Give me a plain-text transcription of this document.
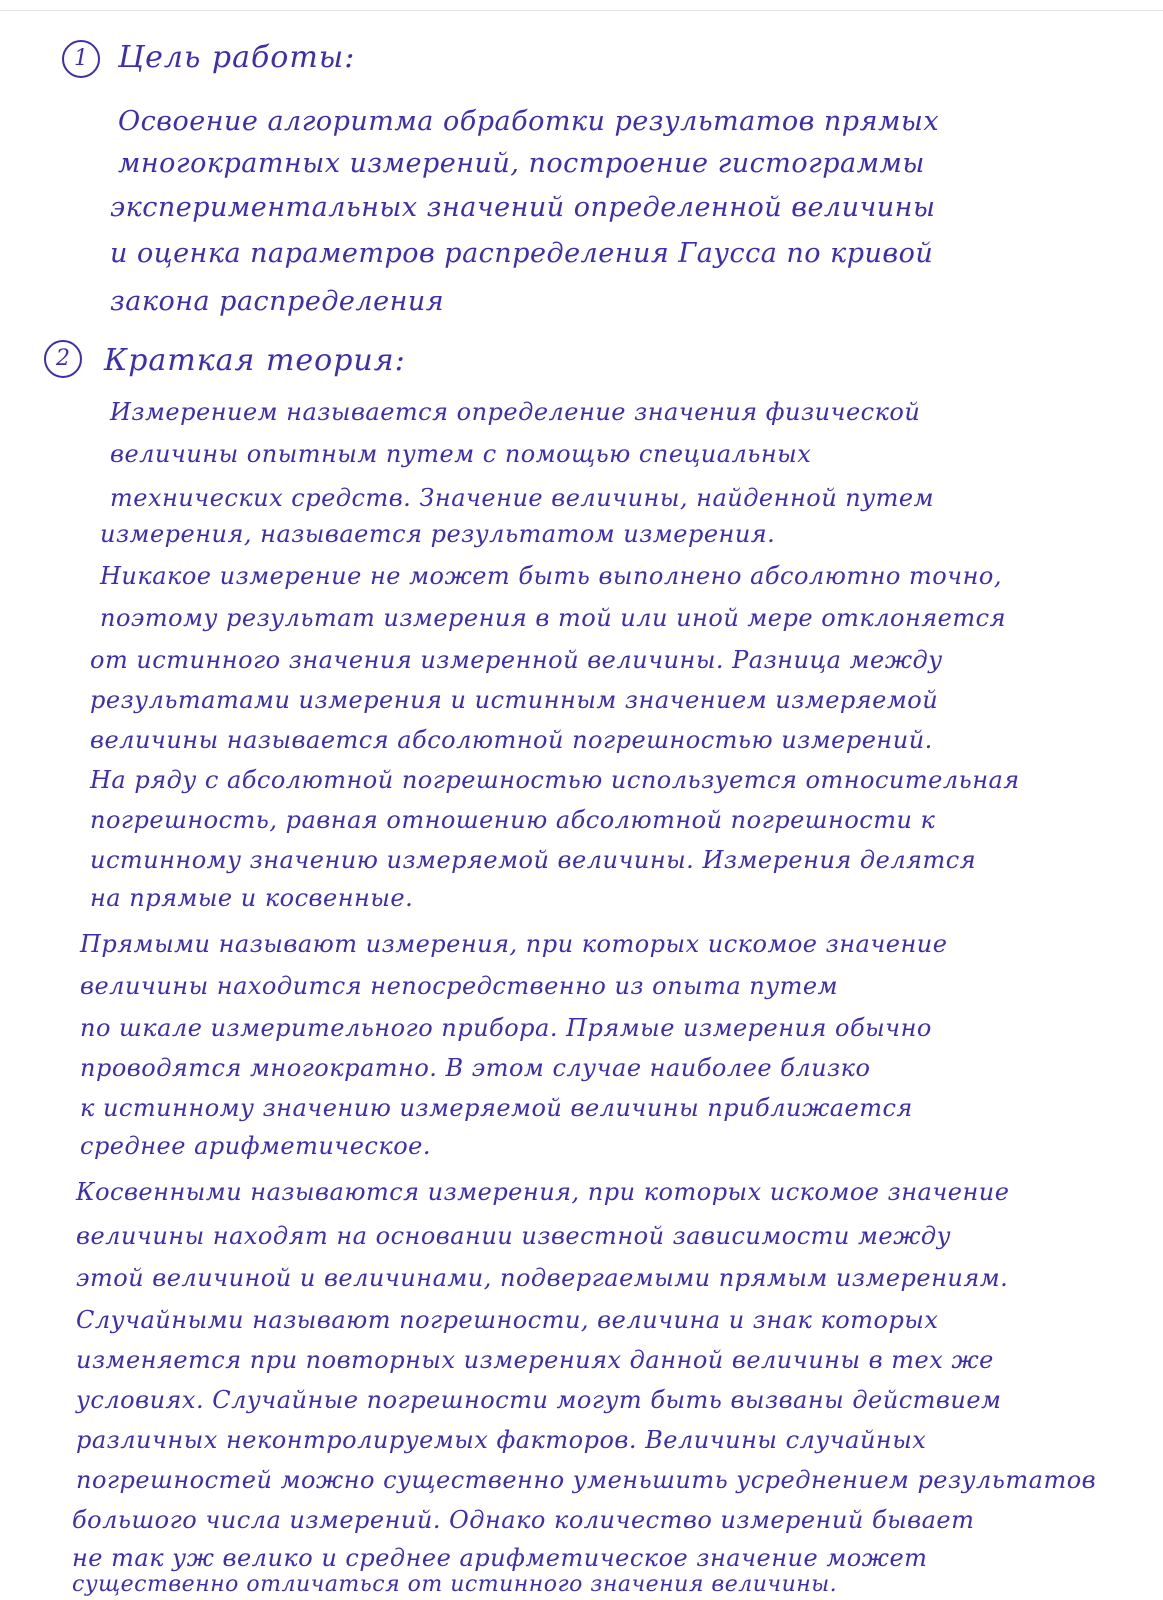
1	Цель работы:
Освоение алгоритма обработки результатов прямых
многократных измерений, построение гистограммы
экспериментальных значений определенной величины
и оценка параметров распределения Гаусса по кривой
закона распределения
2	Краткая теория:
Измерением называется определение значения физической
величины опытным путем с помощью специальных
технических средств. Значение величины, найденной путем
измерения, называется результатом измерения.
Никакое измерение не может быть выполнено абсолютно точно,
поэтому результат измерения в той или иной мере отклоняется
от истинного значения измеренной величины. Разница между
результатами измерения и истинным значением измеряемой
величины называется абсолютной погрешностью измерений.
На ряду с абсолютной погрешностью используется относительная
погрешность, равная отношению абсолютной погрешности к
истинному значению измеряемой величины. Измерения делятся
на прямые и косвенные.
Прямыми называют измерения, при которых искомое значение
величины находится непосредственно из опыта путем
по шкале измерительного прибора. Прямые измерения обычно
проводятся многократно. В этом случае наиболее близко
к истинному значению измеряемой величины приближается
среднее арифметическое.
Косвенными называются измерения, при которых искомое значение
величины находят на основании известной зависимости между
этой величиной и величинами, подвергаемыми прямым измерениям.
Случайными называют погрешности, величина и знак которых
изменяется при повторных измерениях данной величины в тех же
условиях. Случайные погрешности могут быть вызваны действием
различных неконтролируемых факторов. Величины случайных
погрешностей можно существенно уменьшить усреднением результатов
большого числа измерений. Однако количество измерений бывает
не так уж велико и среднее арифметическое значение может
существенно отличаться от истинного значения величины.
